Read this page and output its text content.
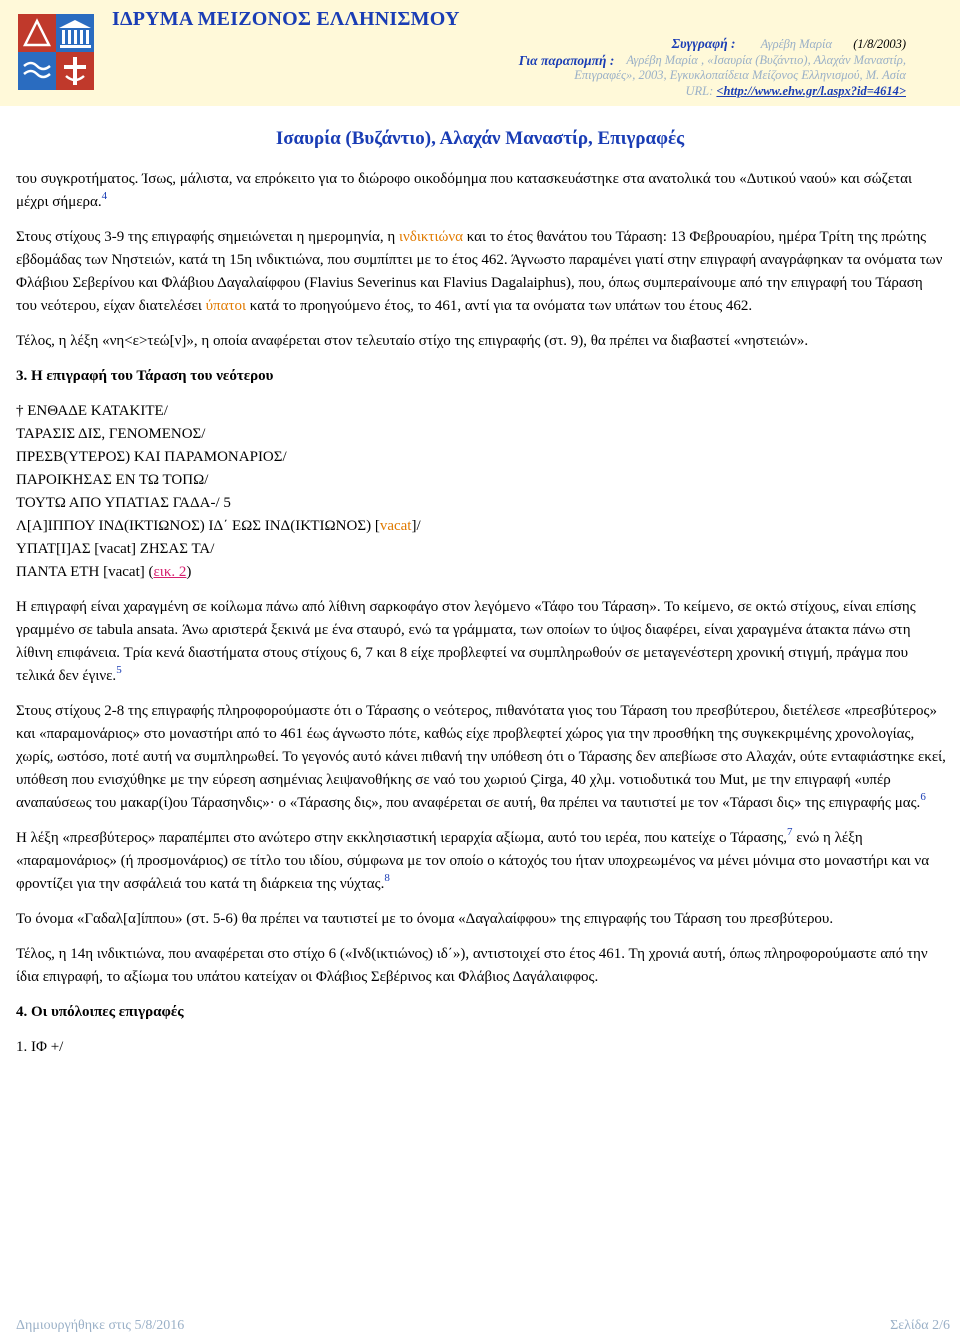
ΙΔΡΥΜΑ ΜΕΙΖΟΝΟΣ ΕΛΛΗΝΙΣΜΟΥ
Συγγραφή : Αγρέβη Μαρία (1/8/2003)
Για παραπομπή : Αγρέβη Μαρία , «Ισαυρία (Βυζάντιο), Αλαχάν Μαναστίρ,
Επιγραφές», 2003, Εγκυκλοπαίδεια Μείζονος Ελληνισμού, Μ. Ασία
URL: <http://www.ehw.gr/l.aspx?id=4614>
Ισαυρία (Βυζάντιο), Αλαχάν Μαναστίρ, Επιγραφές

του συγκροτήματος. Ίσως, μάλιστα, να επρόκειτο για το διώροφο οικοδόμημα που κατασκευάστηκε στα ανατολικά του «Δυτικού ναού» και σώζεται μέχρι σήμερα.$^4$

Στους στίχους 3-9 της επιγραφής σημειώνεται η ημερομηνία, η ινδικτιώνα και το έτος θανάτου του Τάραση: 13 Φεβρουαρίου, ημέρα Τρίτη της πρώτης εβδομάδας των Νηστειών, κατά τη 15η ινδικτιώνα, που συμπίπτει με το έτος 462. Άγνωστο παραμένει γιατί στην επιγραφή αναγράφηκαν τα ονόματα των Φλάβιου Σεβερίνου και Φλάβιου Δαγαλαίφφου (Flavius Severinus και Flavius Dagalaiphus), που, όπως συμπεραίνουμε από την επιγραφή του Τάραση του νεότερου, είχαν διατελέσει ύπατοι κατά το προηγούμενο έτος, το 461, αντί για τα ονόματα των υπάτων του έτους 462.

Τέλος, η λέξη «νη<ε>τεώ[ν]», η οποία αναφέρεται στον τελευταίο στίχο της επιγραφής (στ. 9), θα πρέπει να διαβαστεί «νηστειών».

3. Η επιγραφή του Τάραση του νεότερου

† ΕΝΘΑΔΕ ΚΑΤΑΚΙΤΕ/

ΤΑΡΑΣΙΣ ΔΙΣ, ΓΕΝΟΜΕΝΟΣ/

ΠΡΕΣΒ(ΥΤΕΡΟΣ) ΚΑΙ ΠΑΡΑΜΟΝΑΡΙΟΣ/

ΠΑΡΟΙΚΗΣΑΣ ΕΝ ΤΩ ΤΟΠΩ/

ΤΟΥΤΩ ΑΠΟ ΥΠΑΤΙΑΣ ΓΑΔΑ-/ 5

Λ[Α]ΙΠΠΟΥ ΙΝΔ(ΙΚΤΙΩΝΟΣ) ΙΔ΄ ΕΩΣ ΙΝΔ(ΙΚΤΙΩΝΟΣ) [vacat]/

ΥΠΑΤ[Ι]ΑΣ [vacat] ΖΗΣΑΣ ΤΑ/

ΠΑΝΤΑ ΕΤΗ [vacat] (εικ. 2)

Η επιγραφή είναι χαραγμένη σε κοίλωμα πάνω από λίθινη σαρκοφάγο στον λεγόμενο «Τάφο του Τάραση». Το κείμενο, σε οκτώ στίχους, είναι επίσης γραμμένο σε tabula ansata. Άνω αριστερά ξεκινά με ένα σταυρό, ενώ τα γράμματα, των οποίων το ύψος διαφέρει, είναι χαραγμένα άτακτα πάνω στη λίθινη επιφάνεια. Τρία κενά διαστήματα στους στίχους 6, 7 και 8 είχε προβλεφτεί να συμπληρωθούν σε μεταγενέστερη χρονική στιγμή, πράγμα που τελικά δεν έγινε.$^5$

Στους στίχους 2-8 της επιγραφής πληροφορούμαστε ότι ο Τάρασης ο νεότερος, πιθανότατα γιος του Τάραση του πρεσβύτερου, διετέλεσε «πρεσβύτερος» και «παραμονάριος» στο μοναστήρι από το 461 έως άγνωστο πότε, καθώς είχε προβλεφτεί χώρος για την προσθήκη της συγκεκριμένης χρονολογίας, χωρίς, ωστόσο, ποτέ αυτή να συμπληρωθεί. Το γεγονός αυτό κάνει πιθανή την υπόθεση ότι ο Τάρασης δεν απεβίωσε στο Αλαχάν, ούτε ενταφιάστηκε εκεί, υπόθεση που ενισχύθηκε με την εύρεση ασημένιας λειψανοθήκης σε ναό του χωριού Çirga, 40 χλμ. νοτιοδυτικά του Mut, με την επιγραφή «υπέρ αναπαύσεως του μακαρ(ί)ου Τάρασηνδις»· ο «Τάρασης δις», που αναφέρεται σε αυτή, θα πρέπει να ταυτιστεί με τον «Τάρασι δις» της επιγραφής μας.$^6$

Η λέξη «πρεσβύτερος» παραπέμπει στο ανώτερο στην εκκλησιαστική ιεραρχία αξίωμα, αυτό του ιερέα, που κατείχε ο Τάρασης,$^7$ ενώ η λέξη «παραμονάριος» (ή προσμονάριος) σε τίτλο του ιδίου, σύμφωνα με τον οποίο ο κάτοχός του ήταν υποχρεωμένος να μένει μόνιμα στο μοναστήρι και να φροντίζει για την ασφάλειά του κατά τη διάρκεια της νύχτας.$^8$

Το όνομα «Γαδαλ[α]ίππου» (στ. 5-6) θα πρέπει να ταυτιστεί με το όνομα «Δαγαλαίφφου» της επιγραφής του Τάραση του πρεσβύτερου.

Τέλος, η 14η ινδικτιώνα, που αναφέρεται στο στίχο 6 («Ινδ(ικτιώνος) ιδ΄»), αντιστοιχεί στο έτος 461. Τη χρονιά αυτή, όπως πληροφορούμαστε από την ίδια επιγραφή, το αξίωμα του υπάτου κατείχαν οι Φλάβιος Σεβέρινος και Φλάβιος Δαγάλαιφφος.

4. Οι υπόλοιπες επιγραφές

1. ΙΦ +/

Δημιουργήθηκε στις 5/8/2016	Σελίδα 2/6
